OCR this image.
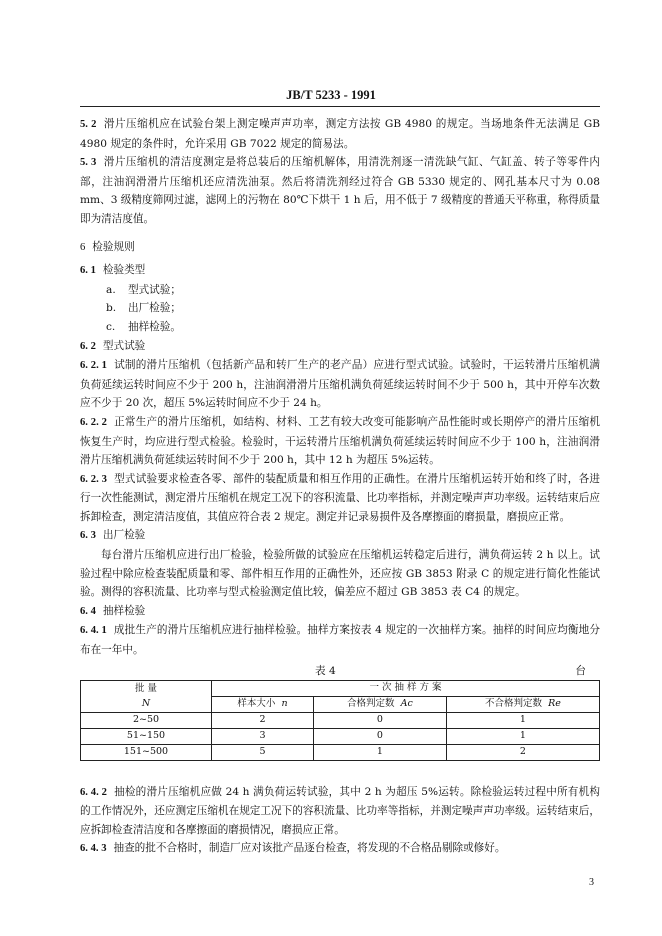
JB/T 5233 - 1991

5. 2 滑片压缩机应在试验台架上测定噪声声功率，测定方法按 GB 4980 的规定。当场地条件无法满足 GB 4980 规定的条件时，允许采用 GB 7022 规定的简易法。

5. 3 滑片压缩机的清洁度测定是将总装后的压缩机解体，用清洗剂逐一清洗缺气缸、气缸盖、转子等零件内部，注油润滑滑片压缩机还应清洗油泵。然后将清洗剂经过符合 GB 5330 规定的、网孔基本尺寸为 0.08 mm、3 级精度筛网过滤，滤网上的污物在 80℃下烘干 1 h 后，用不低于 7 级精度的普通天平称重，称得质量即为清洁度值。

6 检验规则

6. 1 检验类型

a. 型式试验；

b. 出厂检验；

c. 抽样检验。

6. 2 型式试验

6. 2. 1 试制的滑片压缩机（包括新产品和转厂生产的老产品）应进行型式试验。试验时，干运转滑片压缩机满负荷延续运转时间应不少于 200 h，注油润滑滑片压缩机满负荷延续运转时间不少于 500 h，其中开停车次数应不少于 20 次，超压 5%运转时间应不少于 24 h。

6. 2. 2 正常生产的滑片压缩机，如结构、材料、工艺有较大改变可能影响产品性能时或长期停产的滑片压缩机恢复生产时，均应进行型式检验。检验时，干运转滑片压缩机满负荷延续运转时间应不少于 100 h，注油润滑滑片压缩机满负荷延续运转时间不少于 200 h，其中 12 h 为超压 5%运转。

6. 2. 3 型式试验要求检查各零、部件的装配质量和相互作用的正确性。在滑片压缩机运转开始和终了时，各进行一次性能测试，测定滑片压缩机在规定工况下的容积流量、比功率指标，并测定噪声声功率级。运转结束后应拆卸检查，测定清洁度值，其值应符合表 2 规定。测定并记录易损件及各摩擦面的磨损量，磨损应正常。

6. 3 出厂检验

每台滑片压缩机应进行出厂检验，检验所做的试验应在压缩机运转稳定后进行，满负荷运转 2 h 以上。试验过程中除应检查装配质量和零、部件相互作用的正确性外，还应按 GB 3853 附录 C 的规定进行简化性能试验。测得的容积流量、比功率与型式检验测定值比较，偏差应不超过 GB 3853 表 C4 的规定。

6. 4 抽样检验

6. 4. 1 成批生产的滑片压缩机应进行抽样检验。抽样方案按表 4 规定的一次抽样方案。抽样的时间应均衡地分布在一年中。

表 4	台
批 量
N	一 次 抽 样 方 案		
	样本大小 n	合格判定数 Ac	不合格判定数 Re
2~50	2	0	1
51~150	3	0	1
151~500	5	1	2

6. 4. 2 抽检的滑片压缩机应做 24 h 满负荷运转试验，其中 2 h 为超压 5%运转。除检验运转过程中所有机构的工作情况外，还应测定压缩机在规定工况下的容积流量、比功率等指标，并测定噪声声功率级。运转结束后，应拆卸检查清洁度和各摩擦面的磨损情况，磨损应正常。

6. 4. 3 抽查的批不合格时，制造厂应对该批产品逐台检查，将发现的不合格品剔除或修好。

3
